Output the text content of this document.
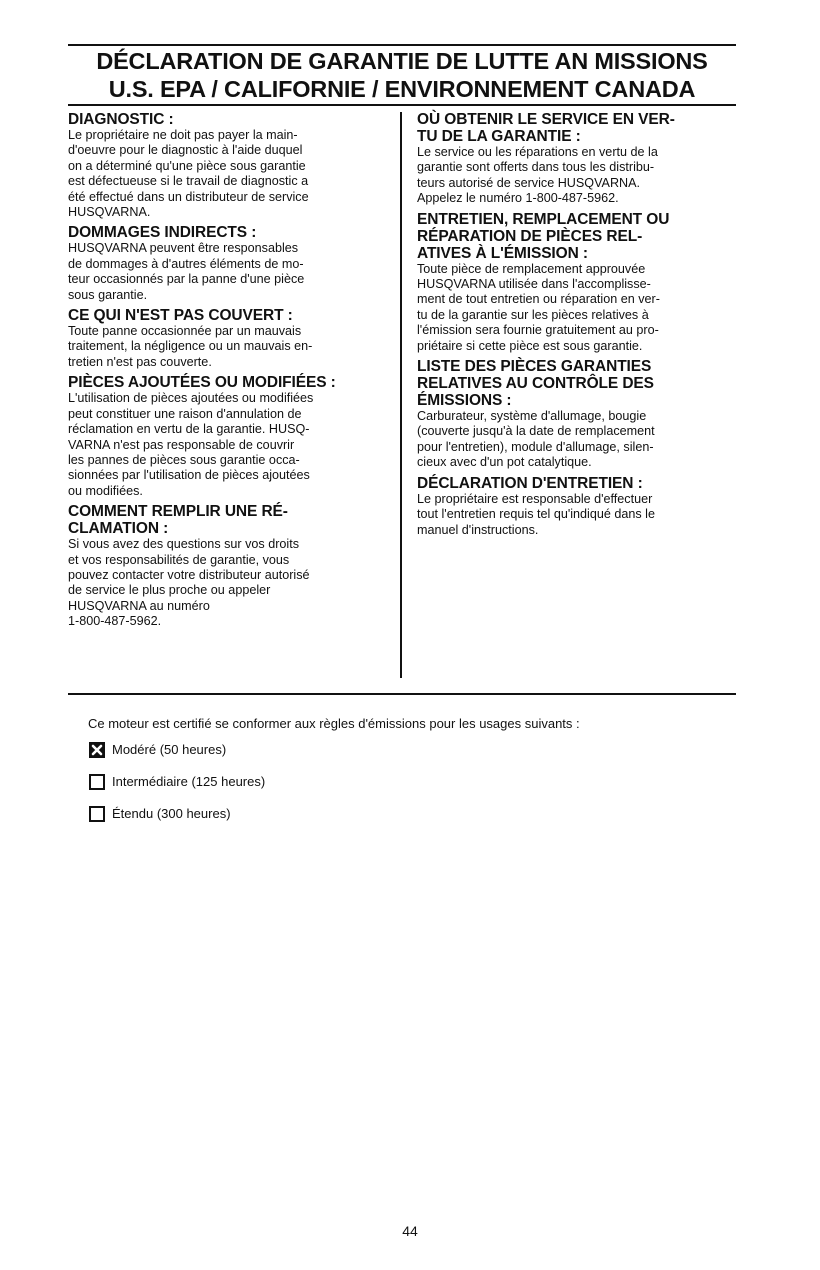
DÉCLARATION DE GARANTIE DE LUTTE AN MISSIONS
U.S. EPA / CALIFORNIE / ENVIRONNEMENT CANADA
DIAGNOSTIC :

Le propriétaire ne doit pas payer la main-
d'oeuvre pour le diagnostic à l'aide duquel
on a déterminé qu'une pièce sous garantie
est défectueuse si le travail de diagnostic a
été effectué dans un distributeur de service
HUSQVARNA.

DOMMAGES INDIRECTS :

HUSQVARNA peuvent être responsables
de dommages à d'autres éléments de mo-
teur occasionnés par la panne d'une pièce
sous garantie.

CE QUI N'EST PAS COUVERT :

Toute panne occasionnée par un mauvais
traitement, la négligence ou un mauvais en-
tretien n'est pas couverte.

PIÈCES AJOUTÉES OU MODIFIÉES :

L'utilisation de pièces ajoutées ou modifiées
peut constituer une raison d'annulation de
réclamation en vertu de la garantie. HUSQ-
VARNA n'est pas responsable de couvrir
les pannes de pièces sous garantie occa-
sionnées par l'utilisation de pièces ajoutées
ou modifiées.

COMMENT REMPLIR UNE RÉ-
CLAMATION :

Si vous avez des questions sur vos droits
et vos responsabilités de garantie, vous
pouvez contacter votre distributeur autorisé
de service le plus proche ou appeler
HUSQVARNA au numéro
1-800-487-5962.

OÙ OBTENIR LE SERVICE EN VER-
TU DE LA GARANTIE :

Le service ou les réparations en vertu de la
garantie sont offerts dans tous les distribu-
teurs autorisé de service HUSQVARNA.
Appelez le numéro 1-800-487-5962.

ENTRETIEN, REMPLACEMENT OU
RÉPARATION DE PIÈCES REL-
ATIVES À L'ÉMISSION :

Toute pièce de remplacement approuvée
HUSQVARNA utilisée dans l'accomplisse-
ment de tout entretien ou réparation en ver-
tu de la garantie sur les pièces relatives à
l'émission sera fournie gratuitement au pro-
priétaire si cette pièce est sous garantie.

LISTE DES PIÈCES GARANTIES
RELATIVES AU CONTRÔLE DES
ÉMISSIONS :

Carburateur, système d'allumage, bougie
(couverte jusqu'à la date de remplacement
pour l'entretien), module d'allumage, silen-
cieux avec d'un pot catalytique.

DÉCLARATION D'ENTRETIEN :

Le propriétaire est responsable d'effectuer
tout l'entretien requis tel qu'indiqué dans le
manuel d'instructions.

Ce moteur est certifié se conformer aux règles d'émissions pour les usages suivants :
Modéré (50 heures)
Intermédiaire (125 heures)
Étendu (300 heures)
44
